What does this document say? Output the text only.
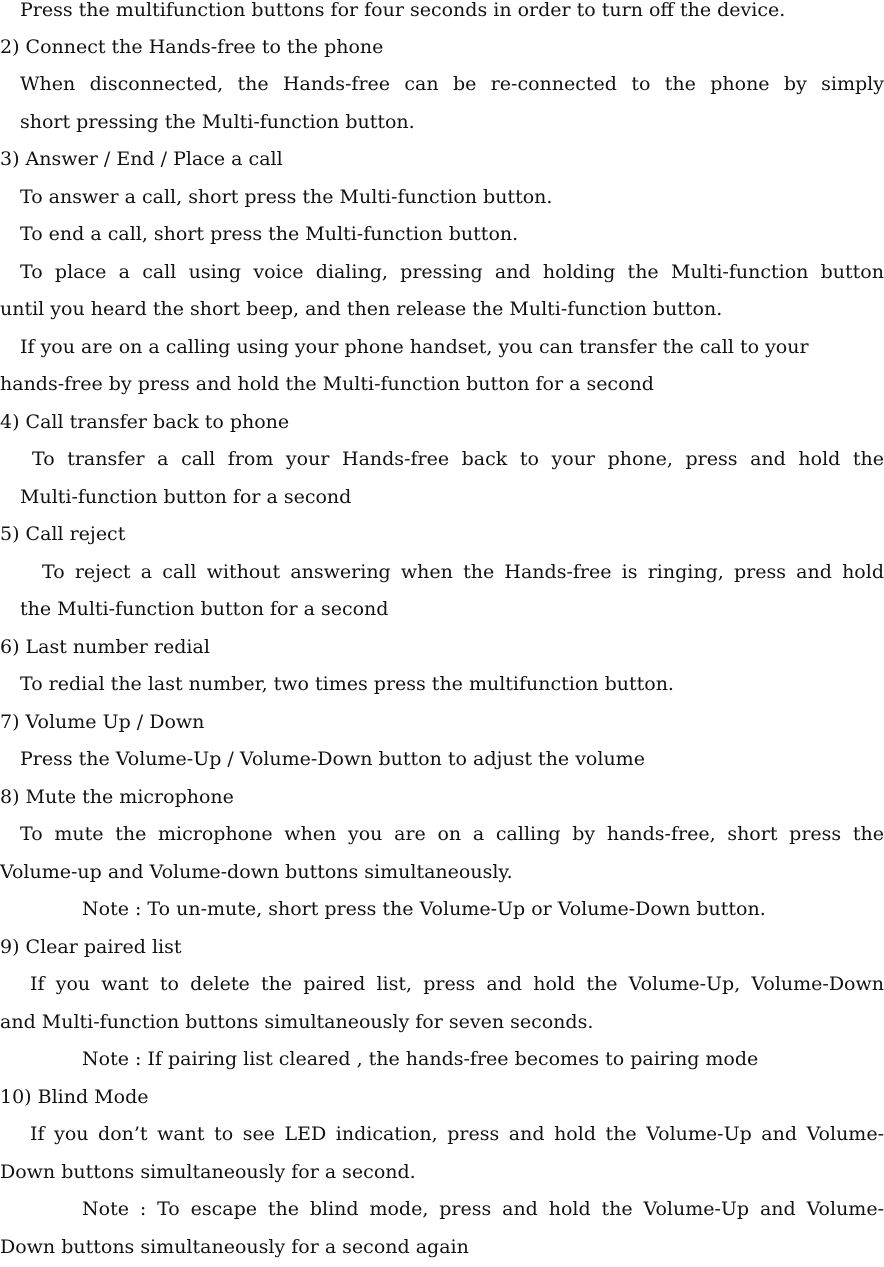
Press the multifunction buttons for four seconds in order to turn off the device.
2) Connect the Hands-free to the phone
When disconnected, the Hands-free can be re-connected to the phone by simply
short pressing the Multi-function button.
3) Answer / End / Place a call
To answer a call, short press the Multi-function button.
To end a call, short press the Multi-function button.
To place a call using voice dialing, pressing and holding the Multi-function button
until you heard the short beep, and then release the Multi-function button.
If you are on a calling using your phone handset, you can transfer the call to your
hands-free by press and hold the Multi-function button for a second
4) Call transfer back to phone
To transfer a call from your Hands-free back to your phone, press and hold the
Multi-function button for a second
5) Call reject
To reject a call without answering when the Hands-free is ringing, press and hold
the Multi-function button for a second
6) Last number redial
To redial the last number, two times press the multifunction button.
7) Volume Up / Down
Press the Volume-Up / Volume-Down button to adjust the volume
8) Mute the microphone
To mute the microphone when you are on a calling by hands-free, short press the
Volume-up and Volume-down buttons simultaneously.
Note : To un-mute, short press the Volume-Up or Volume-Down button.
9) Clear paired list
If you want to delete the paired list, press and hold the Volume-Up, Volume-Down
and Multi-function buttons simultaneously for seven seconds.
Note : If pairing list cleared , the hands-free becomes to pairing mode
10) Blind Mode
If you don’t want to see LED indication, press and hold the Volume-Up and Volume-
Down buttons simultaneously for a second.
Note : To escape the blind mode, press and hold the Volume-Up and Volume-
Down buttons simultaneously for a second again
